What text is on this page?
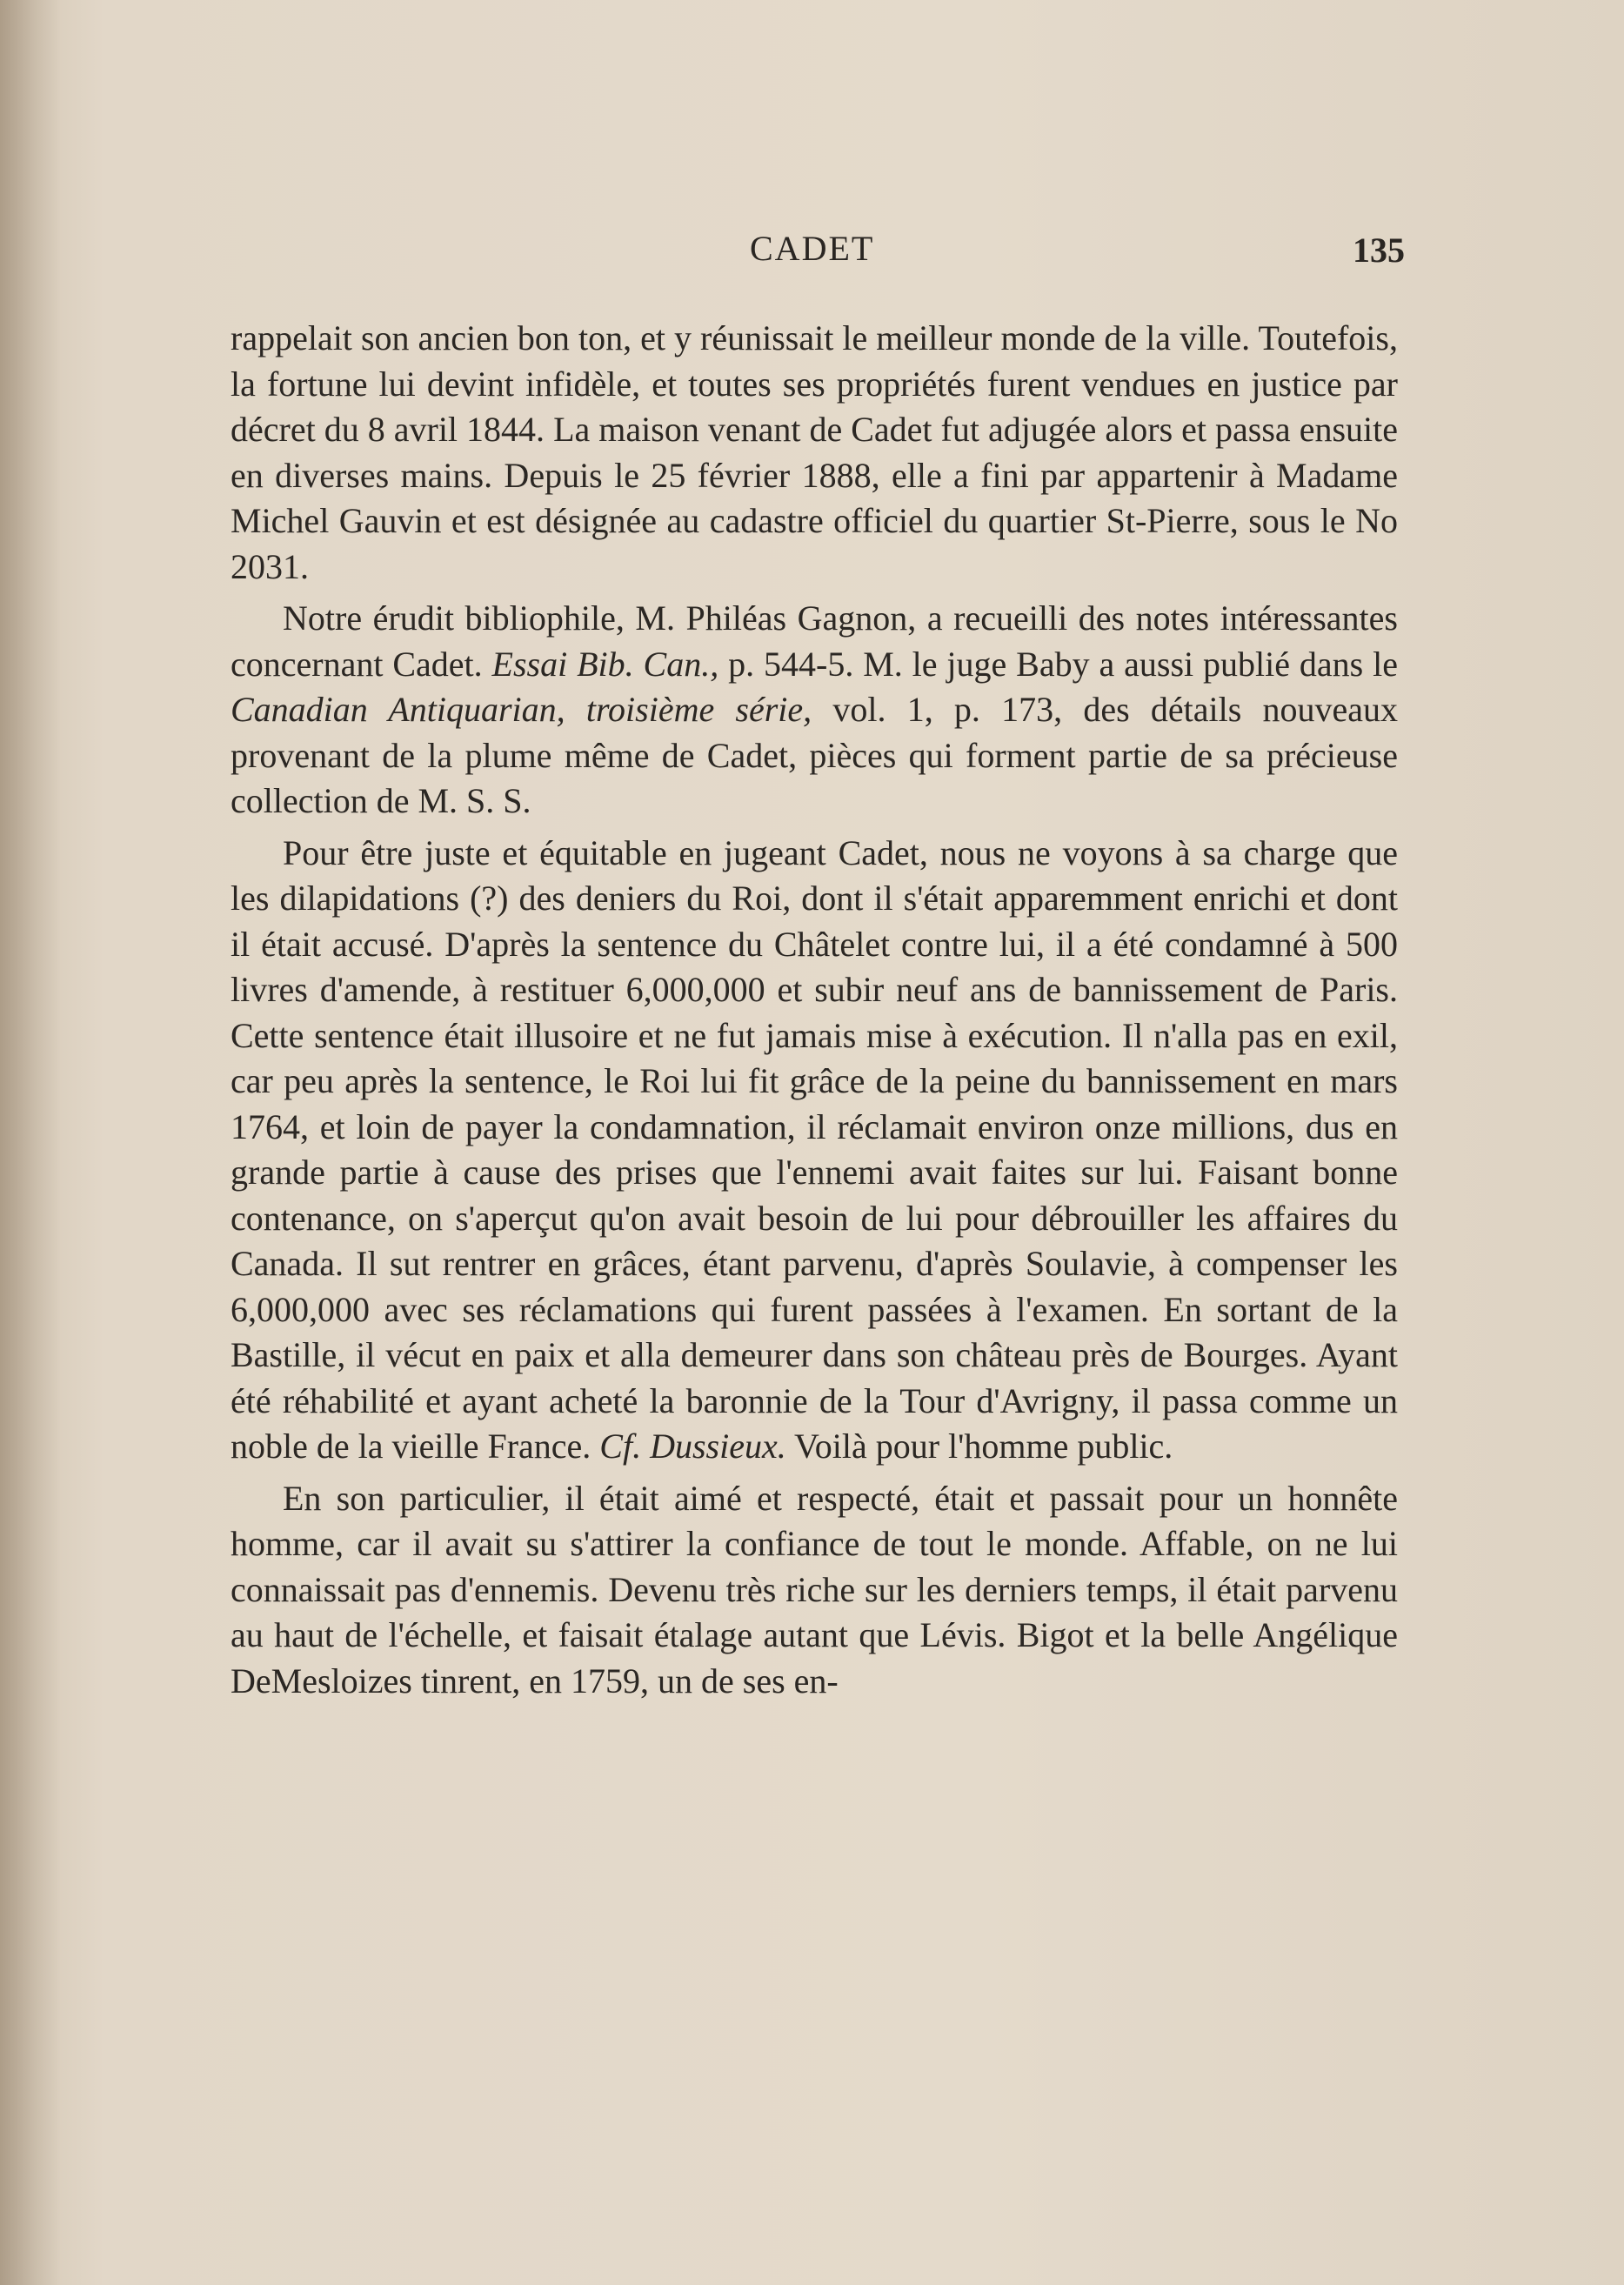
CADET	135

rappelait son ancien bon ton, et y réunissait le meilleur monde de la ville. Toutefois, la fortune lui devint infidèle, et toutes ses propriétés furent vendues en justice par décret du 8 avril 1844. La maison venant de Cadet fut adjugée alors et passa ensuite en diverses mains. Depuis le 25 février 1888, elle a fini par appartenir à Madame Michel Gauvin et est désignée au cadastre officiel du quartier St-Pierre, sous le No 2031.

Notre érudit bibliophile, M. Philéas Gagnon, a recueilli des notes intéressantes concernant Cadet. Essai Bib. Can., p. 544-5. M. le juge Baby a aussi publié dans le Canadian Antiquarian, troisième série, vol. 1, p. 173, des détails nouveaux provenant de la plume même de Cadet, pièces qui forment partie de sa précieuse collection de M. S. S.

Pour être juste et équitable en jugeant Cadet, nous ne voyons à sa charge que les dilapidations (?) des deniers du Roi, dont il s'était apparemment enrichi et dont il était accusé. D'après la sentence du Châtelet contre lui, il a été condamné à 500 livres d'amende, à restituer 6,000,000 et subir neuf ans de bannissement de Paris. Cette sentence était illusoire et ne fut jamais mise à exécution. Il n'alla pas en exil, car peu après la sentence, le Roi lui fit grâce de la peine du bannissement en mars 1764, et loin de payer la condamnation, il réclamait environ onze millions, dus en grande partie à cause des prises que l'ennemi avait faites sur lui. Faisant bonne contenance, on s'aperçut qu'on avait besoin de lui pour débrouiller les affaires du Canada. Il sut rentrer en grâces, étant parvenu, d'après Soulavie, à compenser les 6,000,000 avec ses réclamations qui furent passées à l'examen. En sortant de la Bastille, il vécut en paix et alla demeurer dans son château près de Bourges. Ayant été réhabilité et ayant acheté la baronnie de la Tour d'Avrigny, il passa comme un noble de la vieille France. Cf. Dussieux. Voilà pour l'homme public.

En son particulier, il était aimé et respecté, était et passait pour un honnête homme, car il avait su s'attirer la confiance de tout le monde. Affable, on ne lui connaissait pas d'ennemis. Devenu très riche sur les derniers temps, il était parvenu au haut de l'échelle, et faisait étalage autant que Lévis. Bigot et la belle Angélique DeMesloizes tinrent, en 1759, un de ses en-
